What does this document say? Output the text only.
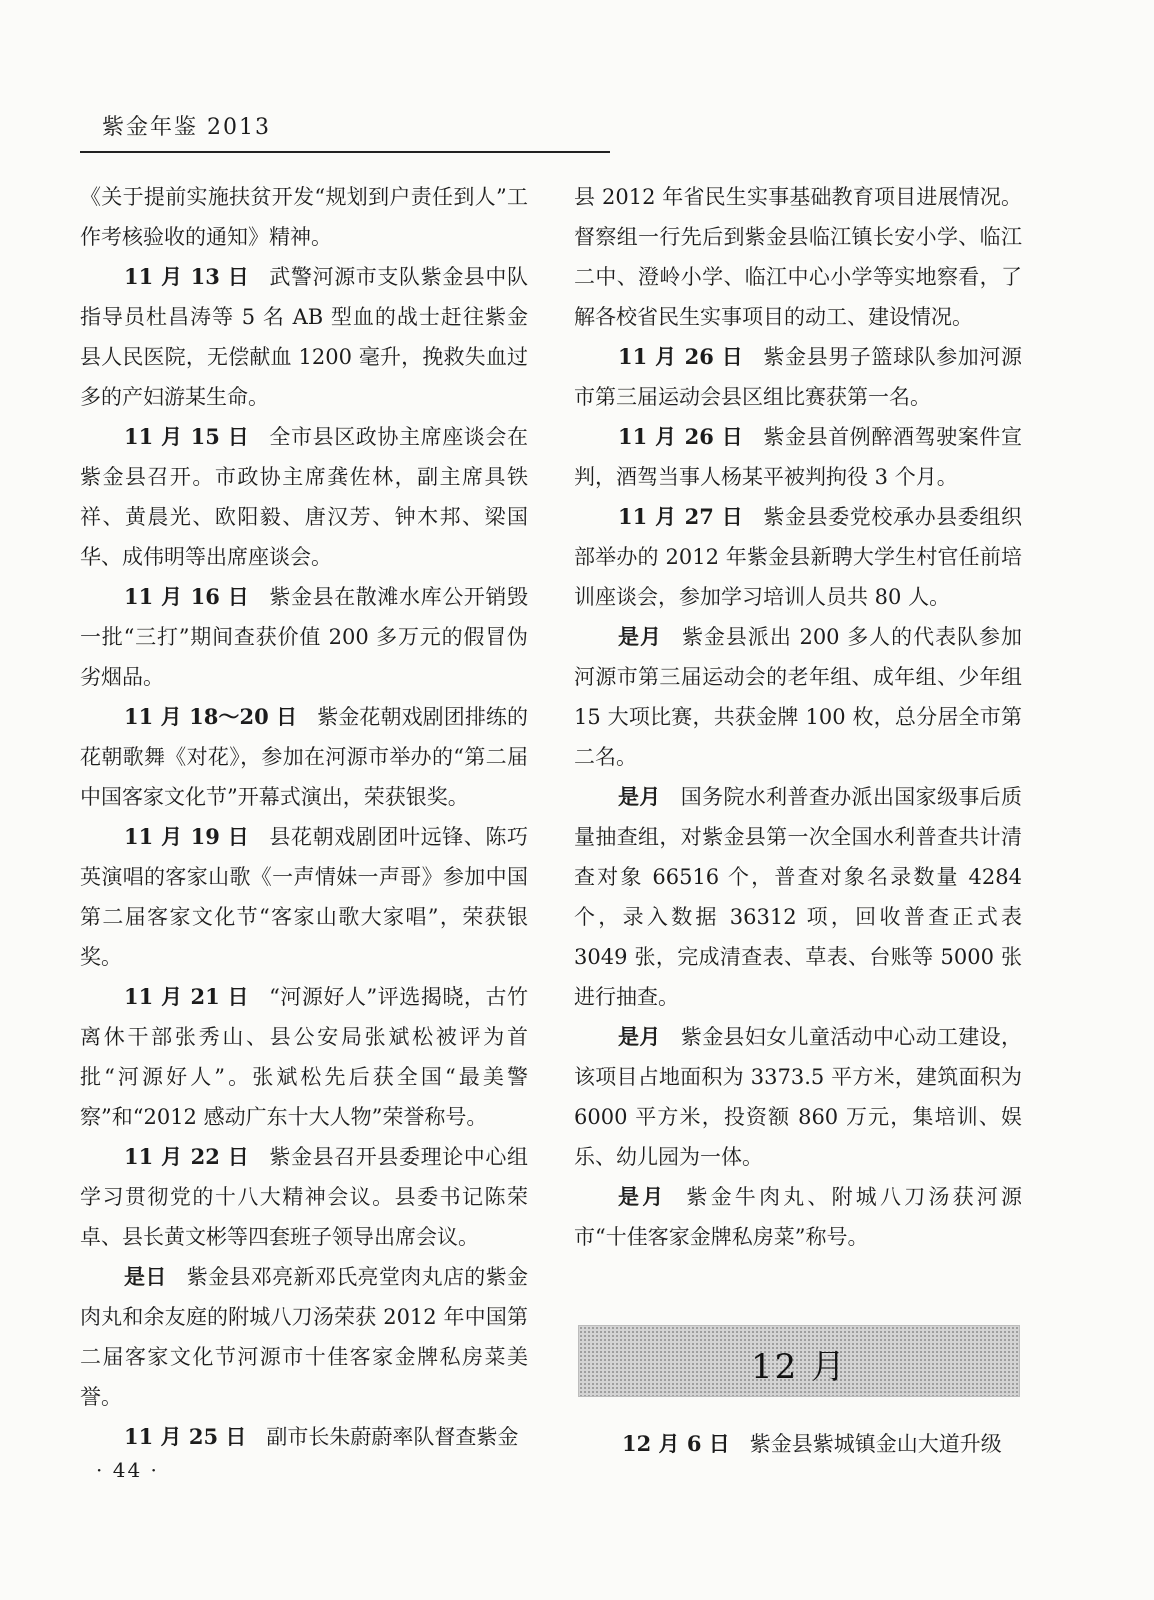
紫金年鉴 2013

《关于提前实施扶贫开发“规划到户责任到人”工作考核验收的通知》精神。

11 月 13 日 武警河源市支队紫金县中队指导员杜昌涛等 5 名 AB 型血的战士赶往紫金县人民医院，无偿献血 1200 毫升，挽救失血过多的产妇游某生命。

11 月 15 日 全市县区政协主席座谈会在紫金县召开。市政协主席龚佐林，副主席具铁祥、黄晨光、欧阳毅、唐汉芳、钟木邦、梁国华、成伟明等出席座谈会。

11 月 16 日 紫金县在散滩水库公开销毁一批“三打”期间查获价值 200 多万元的假冒伪劣烟品。

11 月 18～20 日 紫金花朝戏剧团排练的花朝歌舞《对花》，参加在河源市举办的“第二届中国客家文化节”开幕式演出，荣获银奖。

11 月 19 日 县花朝戏剧团叶远锋、陈巧英演唱的客家山歌《一声情妹一声哥》参加中国第二届客家文化节“客家山歌大家唱”，荣获银奖。

11 月 21 日 “河源好人”评选揭晓，古竹离休干部张秀山、县公安局张斌松被评为首批“河源好人”。张斌松先后获全国“最美警察”和“2012 感动广东十大人物”荣誉称号。

11 月 22 日 紫金县召开县委理论中心组学习贯彻党的十八大精神会议。县委书记陈荣卓、县长黄文彬等四套班子领导出席会议。

是日 紫金县邓亮新邓氏亮堂肉丸店的紫金肉丸和余友庭的附城八刀汤荣获 2012 年中国第二届客家文化节河源市十佳客家金牌私房菜美誉。

11 月 25 日 副市长朱蔚蔚率队督查紫金

县 2012 年省民生实事基础教育项目进展情况。督察组一行先后到紫金县临江镇长安小学、临江二中、澄岭小学、临江中心小学等实地察看，了解各校省民生实事项目的动工、建设情况。

11 月 26 日 紫金县男子篮球队参加河源市第三届运动会县区组比赛获第一名。

11 月 26 日 紫金县首例醉酒驾驶案件宣判，酒驾当事人杨某平被判拘役 3 个月。

11 月 27 日 紫金县委党校承办县委组织部举办的 2012 年紫金县新聘大学生村官任前培训座谈会，参加学习培训人员共 80 人。

是月 紫金县派出 200 多人的代表队参加河源市第三届运动会的老年组、成年组、少年组 15 大项比赛，共获金牌 100 枚，总分居全市第二名。

是月 国务院水利普查办派出国家级事后质量抽查组，对紫金县第一次全国水利普查共计清查对象 66516 个，普查对象名录数量 4284 个，录入数据 36312 项，回收普查正式表 3049 张，完成清查表、草表、台账等 5000 张进行抽查。

是月 紫金县妇女儿童活动中心动工建设，该项目占地面积为 3373.5 平方米，建筑面积为 6000 平方米，投资额 860 万元，集培训、娱乐、幼儿园为一体。

是月 紫金牛肉丸、附城八刀汤获河源市“十佳客家金牌私房菜”称号。

12 月
12 月 6 日 紫金县紫城镇金山大道升级
· 44 ·
